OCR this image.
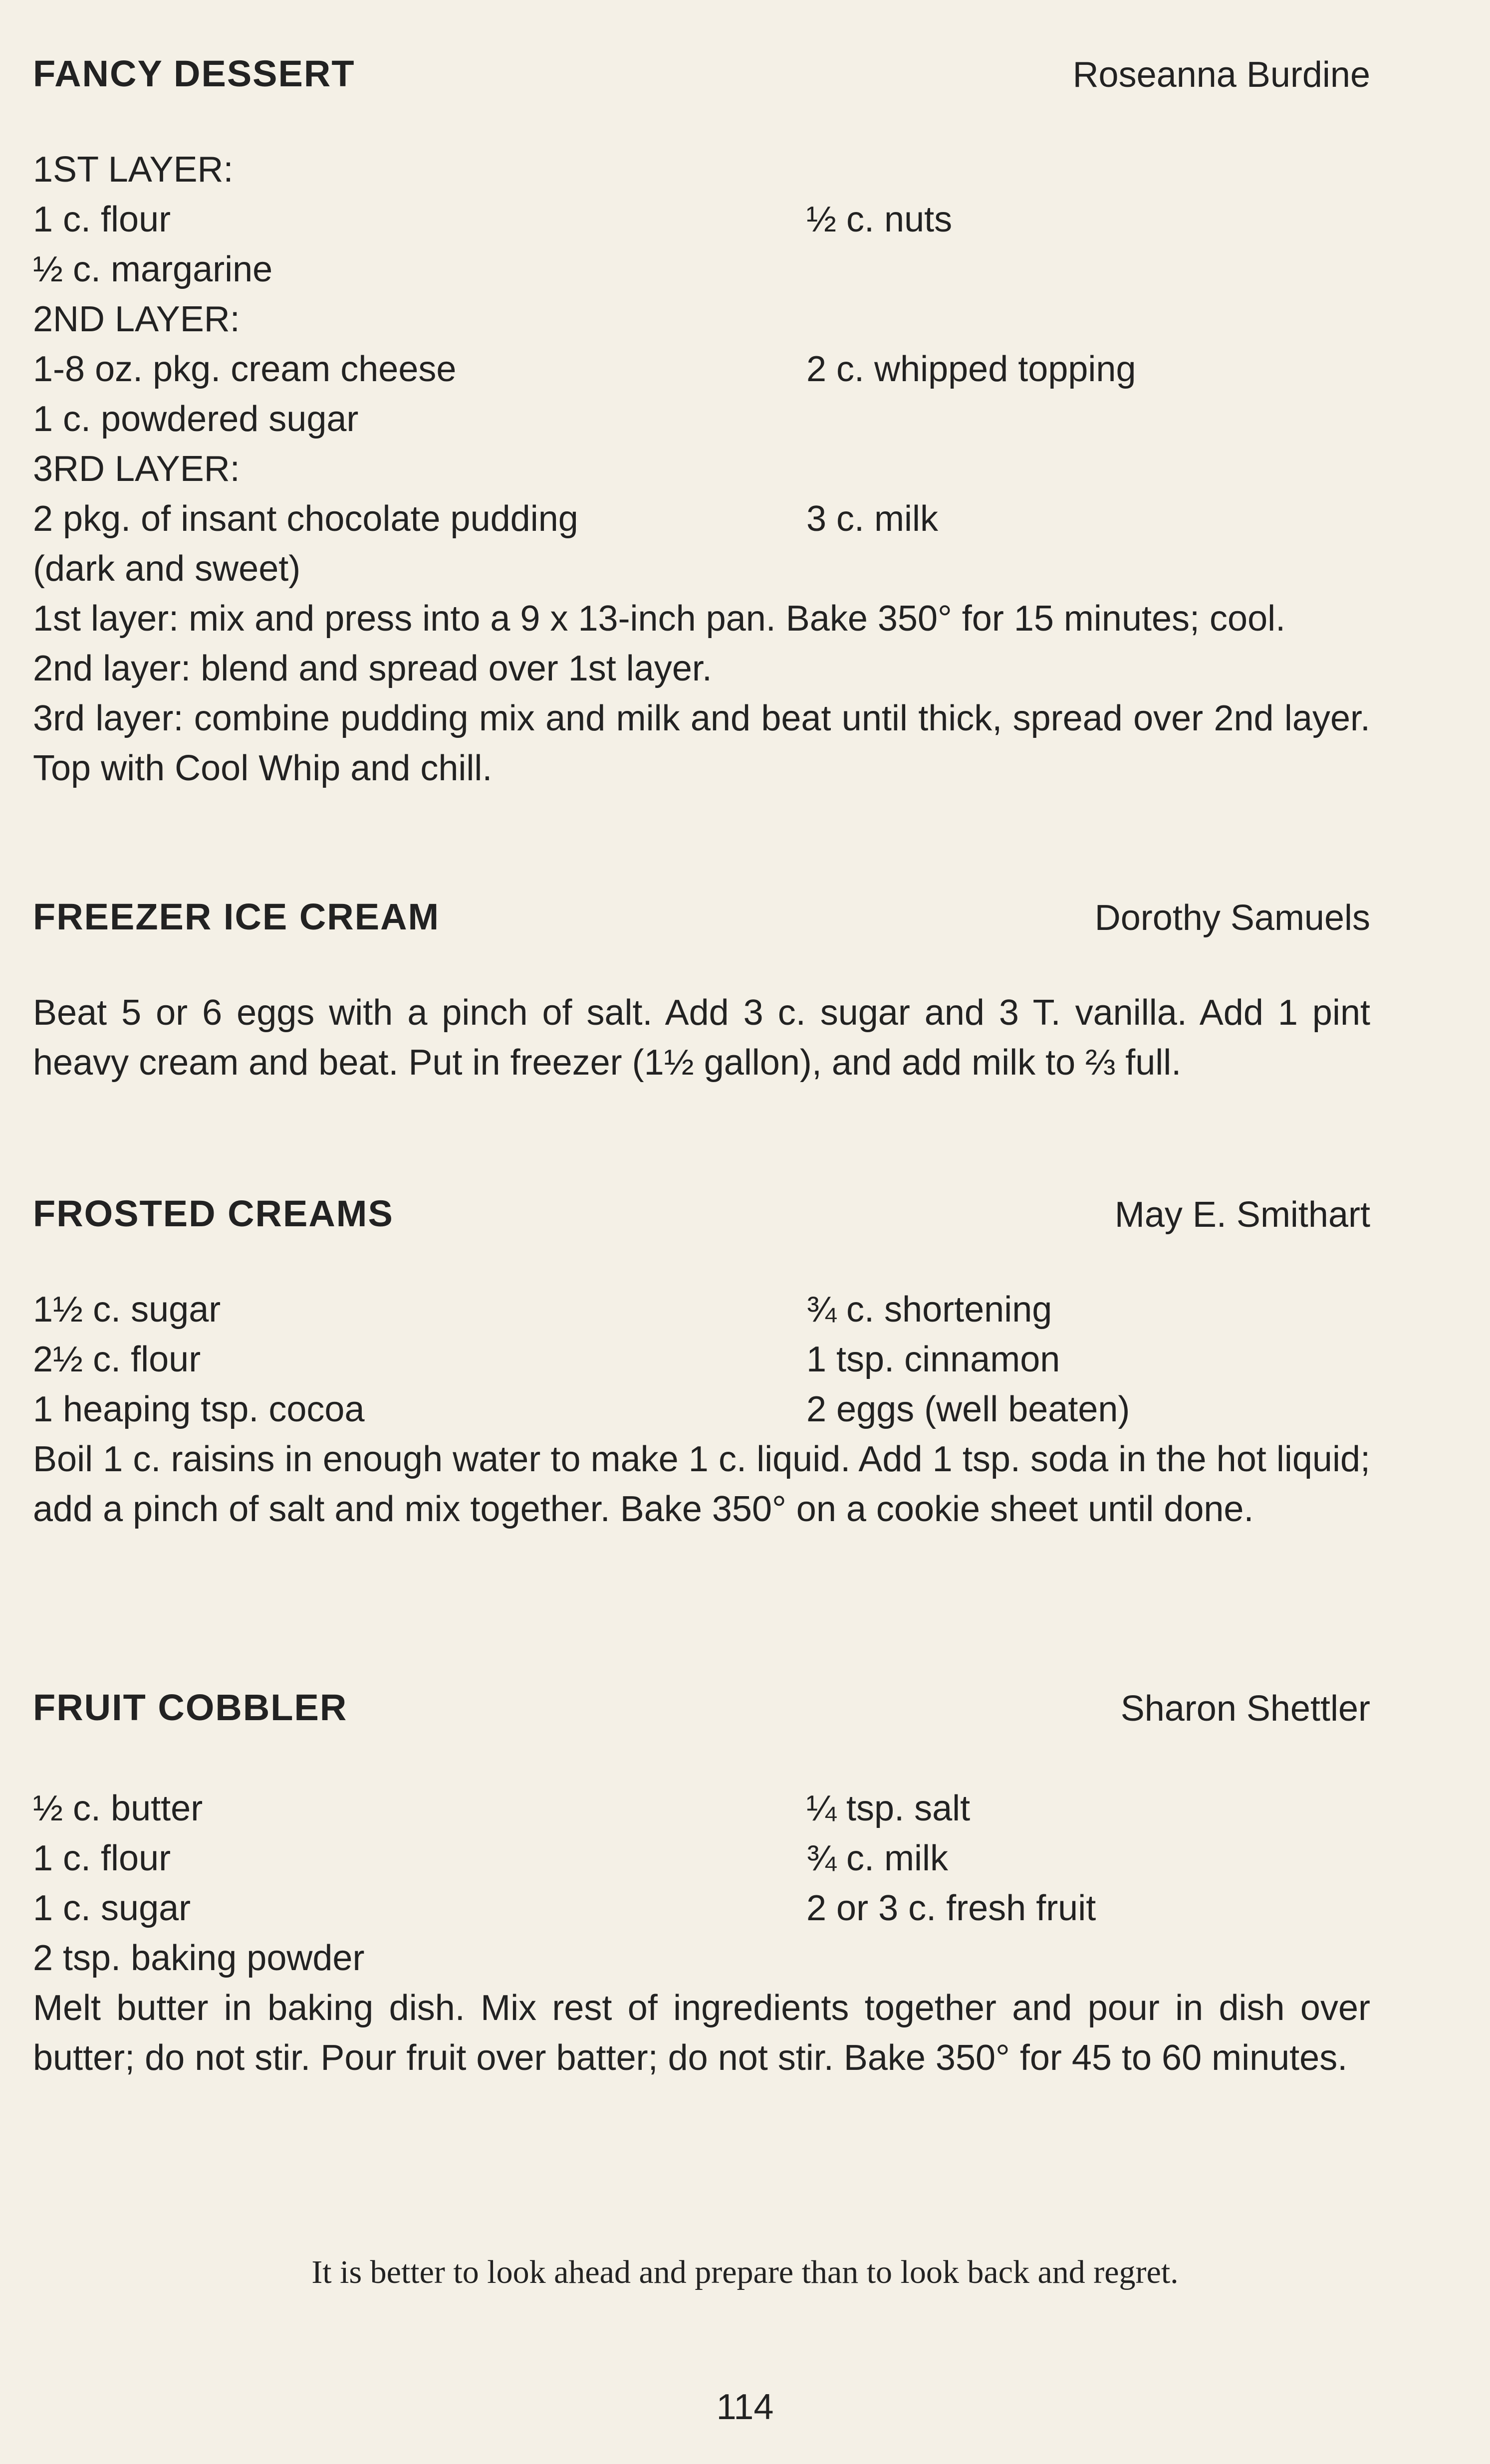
FANCY DESSERT	Roseanna Burdine
1ST LAYER:
1 c. flour	½ c. nuts
½ c. margarine
2ND LAYER:
1-8 oz. pkg. cream cheese	2 c. whipped topping
1 c. powdered sugar
3RD LAYER:
2 pkg. of insant chocolate pudding	3 c. milk
(dark and sweet)
1st layer: mix and press into a 9 x 13-inch pan. Bake 350° for 15 minutes; cool.
2nd layer: blend and spread over 1st layer.
3rd layer: combine pudding mix and milk and beat until thick, spread over 2nd layer. Top with Cool Whip and chill.
FREEZER ICE CREAM	Dorothy Samuels
Beat 5 or 6 eggs with a pinch of salt. Add 3 c. sugar and 3 T. vanilla. Add 1 pint heavy cream and beat. Put in freezer (1½ gallon), and add milk to ⅔ full.
FROSTED CREAMS	May E. Smithart
1½ c. sugar	¾ c. shortening
2½ c. flour	1 tsp. cinnamon
1 heaping tsp. cocoa	2 eggs (well beaten)
Boil 1 c. raisins in enough water to make 1 c. liquid. Add 1 tsp. soda in the hot liquid; add a pinch of salt and mix together. Bake 350° on a cookie sheet until done.
FRUIT COBBLER	Sharon Shettler
½ c. butter	¼ tsp. salt
1 c. flour	¾ c. milk
1 c. sugar	2 or 3 c. fresh fruit
2 tsp. baking powder
Melt butter in baking dish. Mix rest of ingredients together and pour in dish over butter; do not stir. Pour fruit over batter; do not stir. Bake 350° for 45 to 60 minutes.
It is better to look ahead and prepare than to look back and regret.
114
